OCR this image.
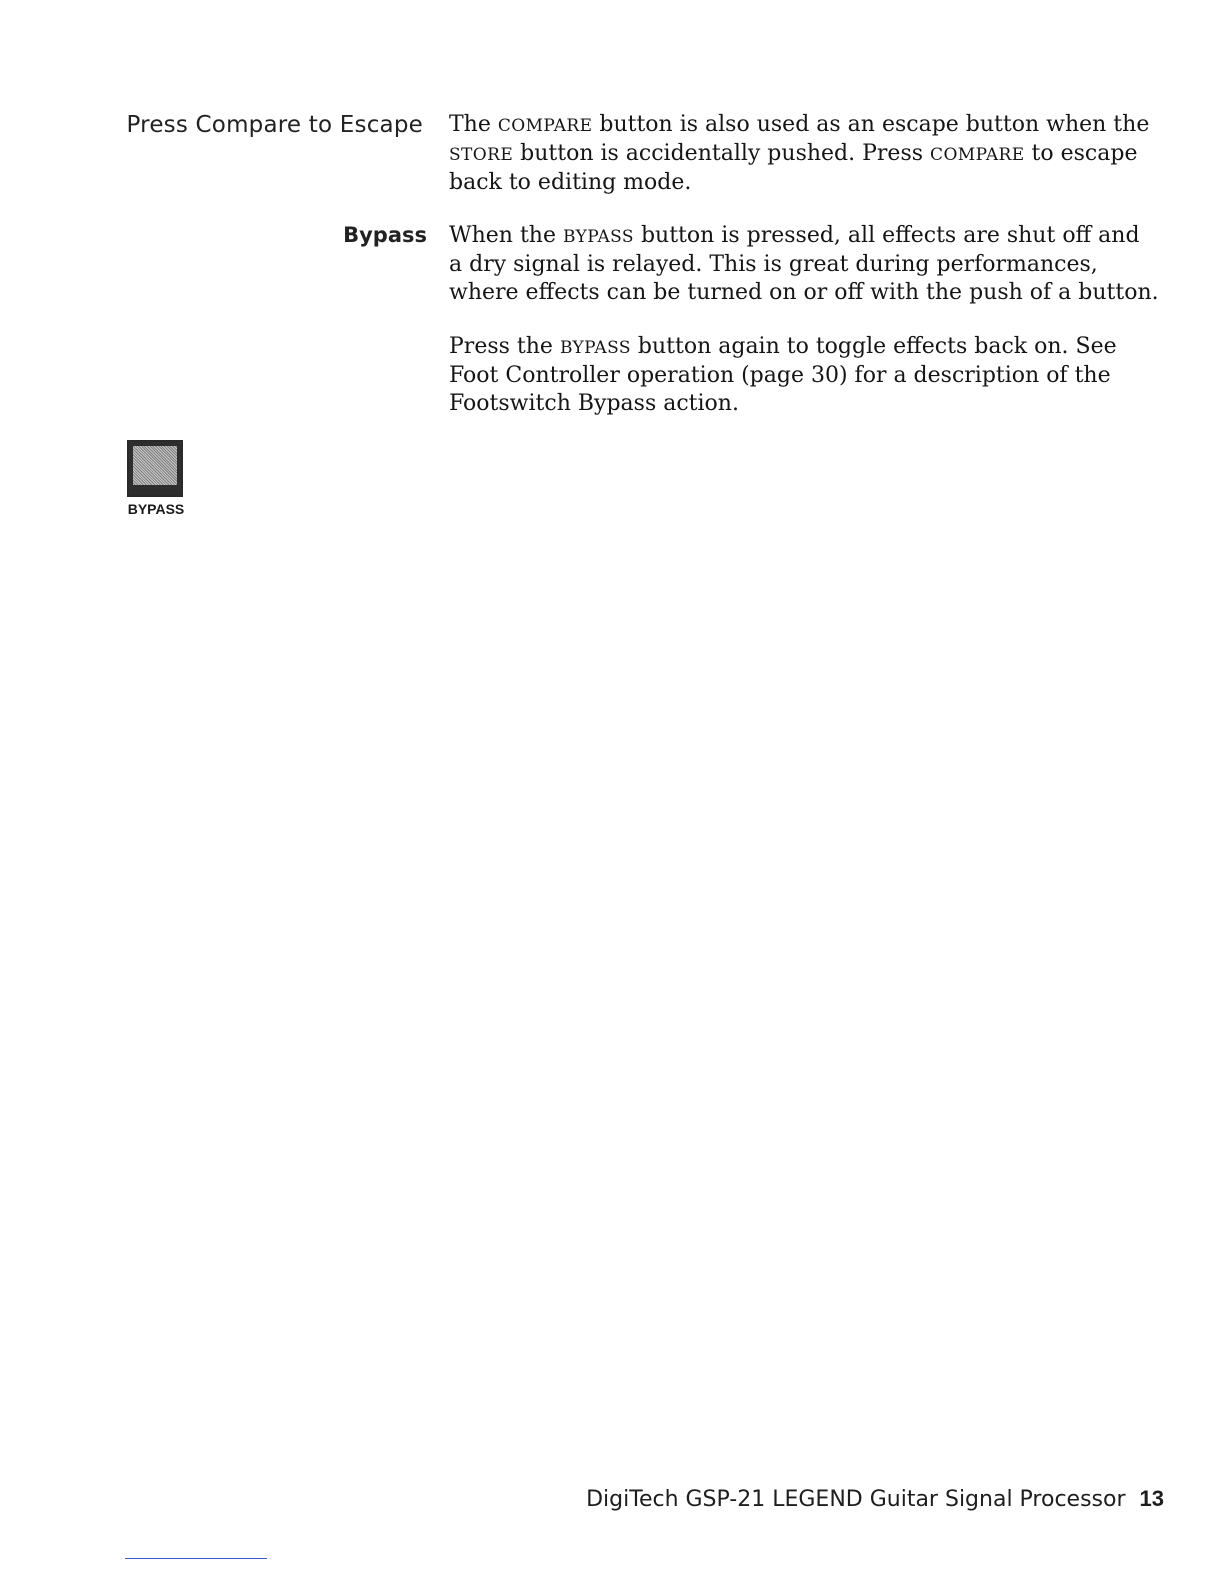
Press Compare to Escape The COMPARE button is also used as an escape button when the STORE button is accidentally pushed. Press COMPARE to escape back to editing mode.

Bypass When the BYPASS button is pressed, all effects are shut off and a dry signal is relayed. This is great during performances, where effects can be turned on or off with the push of a button.

Press the BYPASS button again to toggle effects back on. See Foot Controller operation (page 30) for a description of the Footswitch Bypass action.

BYPASS
DigiTech GSP-21 LEGEND Guitar Signal Processor 13
